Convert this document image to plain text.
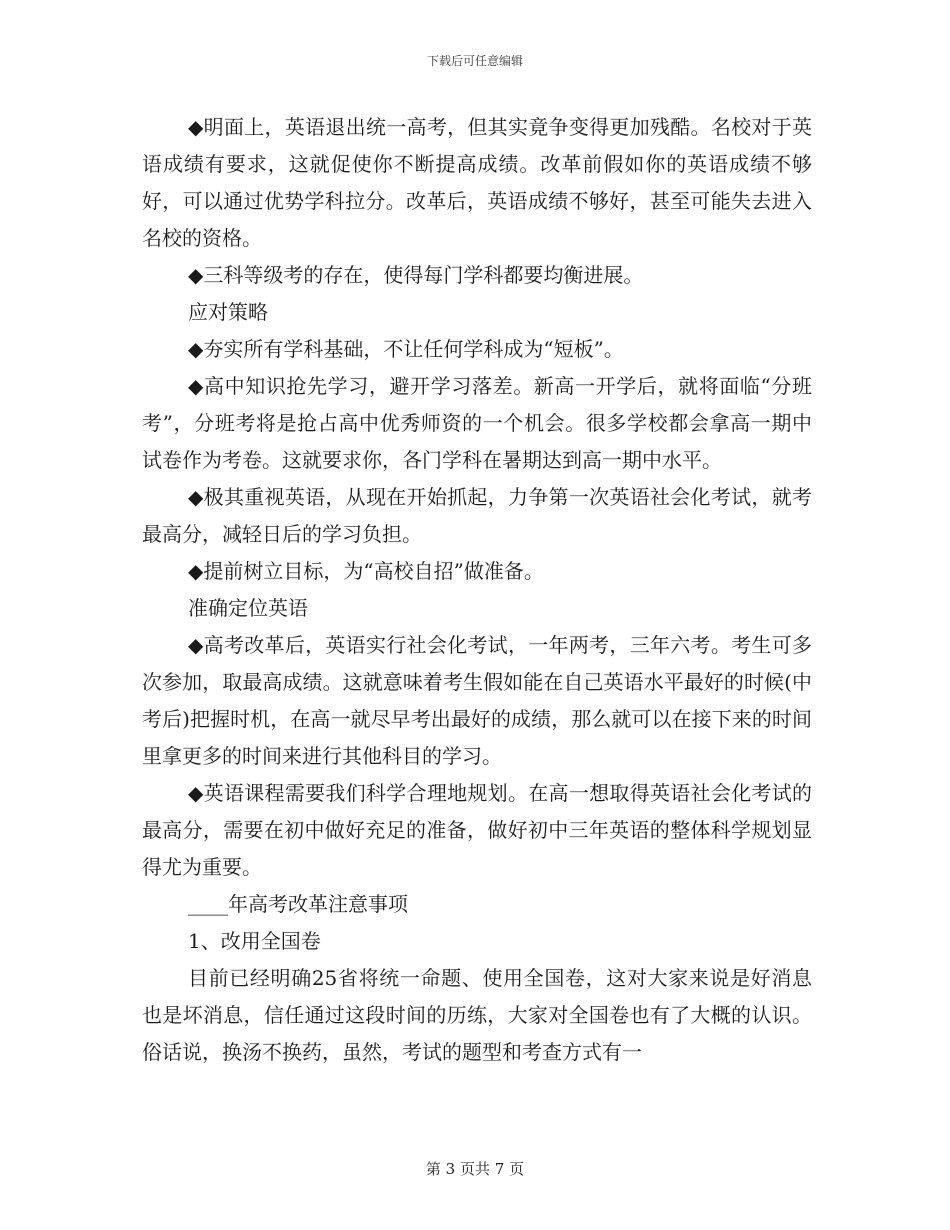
下载后可任意编辑

◆明面上，英语退出统一高考，但其实竟争变得更加残酷。名校对于英语成绩有要求，这就促使你不断提高成绩。改革前假如你的英语成绩不够好，可以通过优势学科拉分。改革后，英语成绩不够好，甚至可能失去进入名校的资格。

◆三科等级考的存在，使得每门学科都要均衡进展。

应对策略

◆夯实所有学科基础，不让任何学科成为“短板”。

◆高中知识抢先学习，避开学习落差。新高一开学后，就将面临“分班考”，分班考将是抢占高中优秀师资的一个机会。很多学校都会拿高一期中试卷作为考卷。这就要求你，各门学科在暑期达到高一期中水平。

◆极其重视英语，从现在开始抓起，力争第一次英语社会化考试，就考最高分，减轻日后的学习负担。

◆提前树立目标，为“高校自招”做准备。

准确定位英语

◆高考改革后，英语实行社会化考试，一年两考，三年六考。考生可多次参加，取最高成绩。这就意味着考生假如能在自己英语水平最好的时候(中考后)把握时机，在高一就尽早考出最好的成绩，那么就可以在接下来的时间里拿更多的时间来进行其他科目的学习。

◆英语课程需要我们科学合理地规划。在高一想取得英语社会化考试的最高分，需要在初中做好充足的准备，做好初中三年英语的整体科学规划显得尤为重要。

____年高考改革注意事项

1、改用全国卷

目前已经明确25省将统一命题、使用全国卷，这对大家来说是好消息也是坏消息，信任通过这段时间的历练，大家对全国卷也有了大概的认识。俗话说，换汤不换药，虽然，考试的题型和考查方式有一

第 3 页共 7 页
